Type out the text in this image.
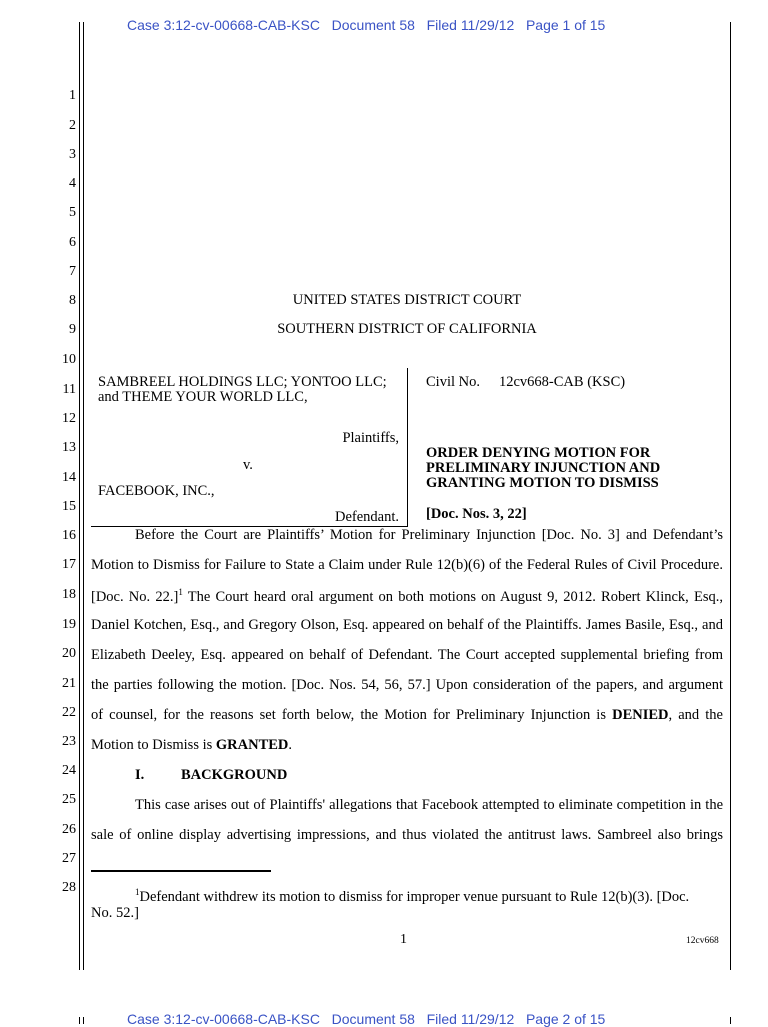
Case 3:12-cv-00668-CAB-KSC   Document 58   Filed 11/29/12   Page 1 of 15
1
2
3
4
5
6
7
8
9
10
11
12
13
14
15
16
17
18
19
20
21
22
23
24
25
26
27
28
UNITED STATES DISTRICT COURT
SOUTHERN DISTRICT OF CALIFORNIA
SAMBREEL HOLDINGS LLC; YONTOO LLC;
and THEME YOUR WORLD LLC,
Plaintiffs,
v.
FACEBOOK, INC.,
Defendant.
Civil No. 12cv668-CAB (KSC)
ORDER DENYING MOTION FOR
PRELIMINARY INJUNCTION AND
GRANTING MOTION TO DISMISS
[Doc. Nos. 3, 22]
Before the Court are Plaintiffs’ Motion for Preliminary Injunction [Doc. No. 3] and Defendant’s
Motion to Dismiss for Failure to State a Claim under Rule 12(b)(6) of the Federal Rules of Civil Procedure.
[Doc. No. 22.]$^1$ The Court heard oral argument on both motions on August 9, 2012. Robert Klinck, Esq.,
Daniel Kotchen, Esq., and Gregory Olson, Esq. appeared on behalf of the Plaintiffs. James Basile, Esq., and
Elizabeth Deeley, Esq. appeared on behalf of Defendant. The Court accepted supplemental briefing from
the parties following the motion. [Doc. Nos. 54, 56, 57.] Upon consideration of the papers, and argument
of counsel, for the reasons set forth below, the Motion for Preliminary Injunction is DENIED, and the
Motion to Dismiss is GRANTED.
I.	BACKGROUND
This case arises out of Plaintiffs' allegations that Facebook attempted to eliminate competition in the
sale of online display advertising impressions, and thus violated the antitrust laws. Sambreel also brings
$^1$Defendant withdrew its motion to dismiss for improper venue pursuant to Rule 12(b)(3). [Doc.
No. 52.]
1	12cv668
Case 3:12-cv-00668-CAB-KSC   Document 58   Filed 11/29/12   Page 2 of 15
